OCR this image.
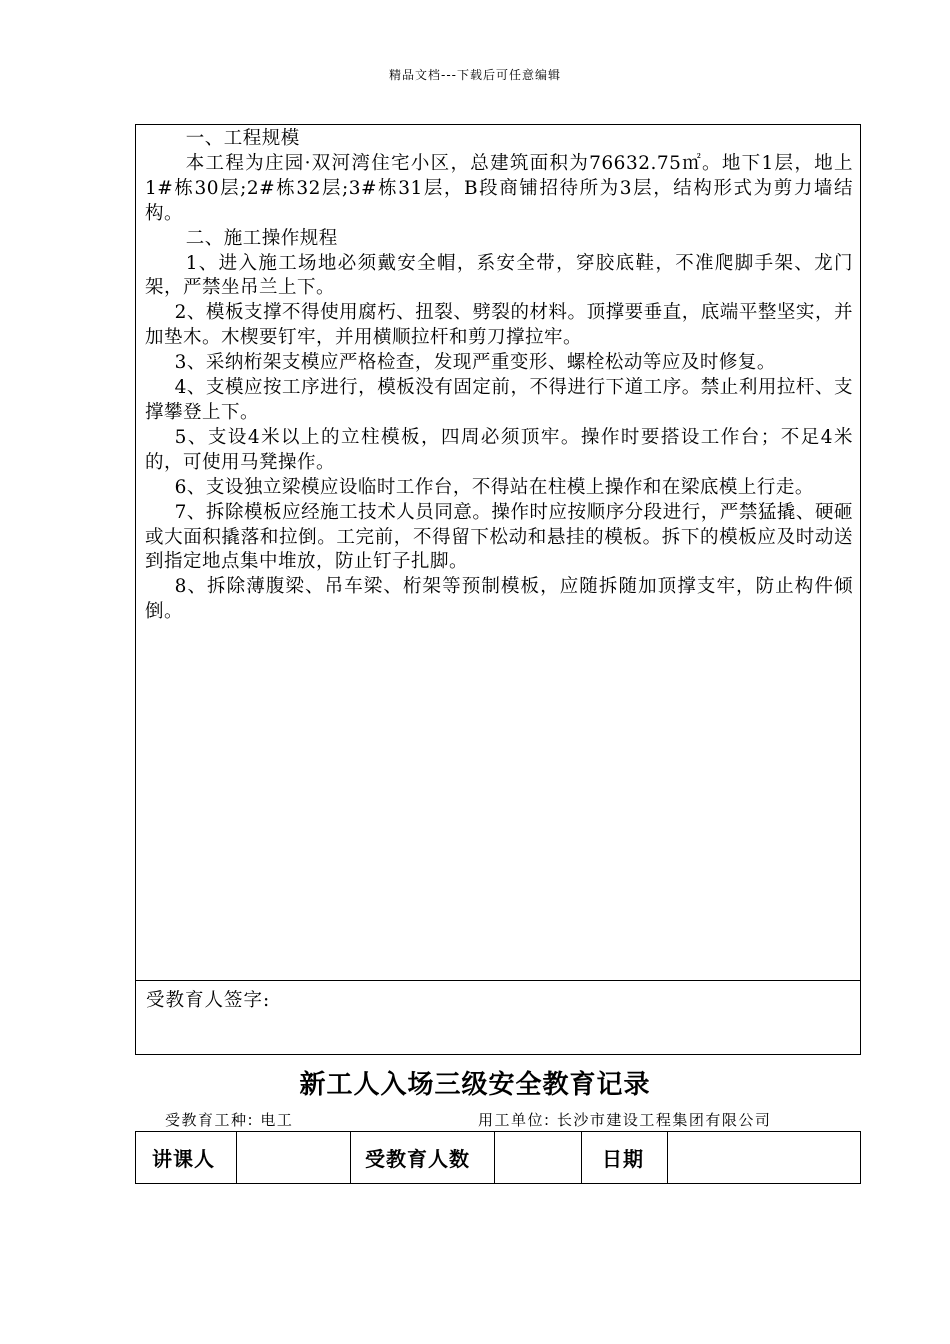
精品文档---下载后可任意编辑

一、工程规模

本工程为庄园·双河湾住宅小区，总建筑面积为76632.75㎡。地下1层，地上1#栋30层;2#栋32层;3#栋31层，B段商铺招待所为3层，结构形式为剪力墙结构。

二、施工操作规程

1、进入施工场地必须戴安全帽，系安全带，穿胶底鞋，不准爬脚手架、龙门架，严禁坐吊兰上下。

2、模板支撑不得使用腐朽、扭裂、劈裂的材料。顶撑要垂直，底端平整坚实，并加垫木。木楔要钉牢，并用横顺拉杆和剪刀撑拉牢。

3、采纳桁架支模应严格检查，发现严重变形、螺栓松动等应及时修复。

4、支模应按工序进行，模板没有固定前，不得进行下道工序。禁止利用拉杆、支撑攀登上下。

5、支设4米以上的立柱模板，四周必须顶牢。操作时要搭设工作台；不足4米的，可使用马凳操作。

6、支设独立梁模应设临时工作台，不得站在柱模上操作和在梁底模上行走。

7、拆除模板应经施工技术人员同意。操作时应按顺序分段进行，严禁猛撬、硬砸或大面积撬落和拉倒。工完前，不得留下松动和悬挂的模板。拆下的模板应及时动送到指定地点集中堆放，防止钉子扎脚。

8、拆除薄腹梁、吊车梁、桁架等预制模板，应随拆随加顶撑支牢，防止构件倾倒。

受教育人签字:
新工人入场三级安全教育记录
受教育工种: 电工	用工单位: 长沙市建设工程集团有限公司
讲课人	受教育人数	日期
